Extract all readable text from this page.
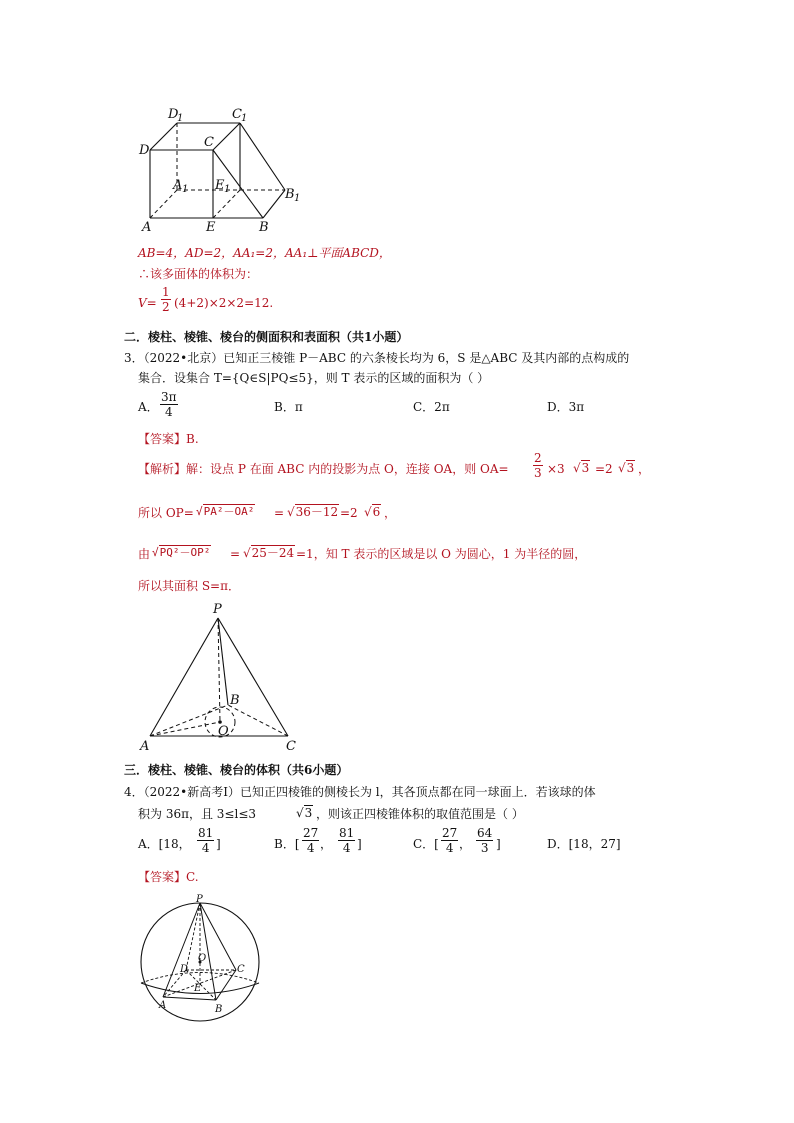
D
1	C 1
D
C
A 1 E 1	B 1
A	E	B
AB=4，AD=2，AA₁=2，AA₁⊥平面ABCD，
∴该多面体的体积为：
$V= \frac{1}{2} (4+2)\times 2\times 2=12$.
二．棱柱、棱锥、棱台的侧面积和表面积（共1小题）
3．（2022•北京）已知正三棱锥 P－ABC 的六条棱长均为 6，S 是△ABC 及其内部的点构成的
集合．设集合 T={Q∈S|PQ≤5}，则 T 表示的区域的面积为（ ）
A． $\frac{3\pi}{4}$	B．π	C．2π	D．3π
【答案】B.
【解析】 解：设点 P 在面 ABC 内的投影为点 O，连接 OA，则 $OA= \frac{2}{3} \times 3$ √3 =2 √3 ，
所以 OP= √PA²－OA² = √36－12 =2 √6 ，
由 √PQ²－OP² = √25－24 =1，知 T 表示的区域是以 O 为圆心，1 为半径的圆，
所以其面积 S=π．
P
B
O
A	C
三．棱柱、棱锥、棱台的体积（共6小题）
4．（2022•新高考Ⅰ）已知正四棱锥的侧棱长为 l，其各顶点都在同一球面上．若该球的体
积为 36π，且 3≤l≤3	√3 ，则该正四棱锥体积的取值范围是（ ）
A．[18， $\frac{81}{4}$ ]	B．[ $\frac{27}{4}$ ， $\frac{81}{4}$ ]	C．[ $\frac{27}{4}$ ， $\frac{64}{3}$ ]	D．[18，27]
【答案】C.
P
O
D	C
E
A	B
